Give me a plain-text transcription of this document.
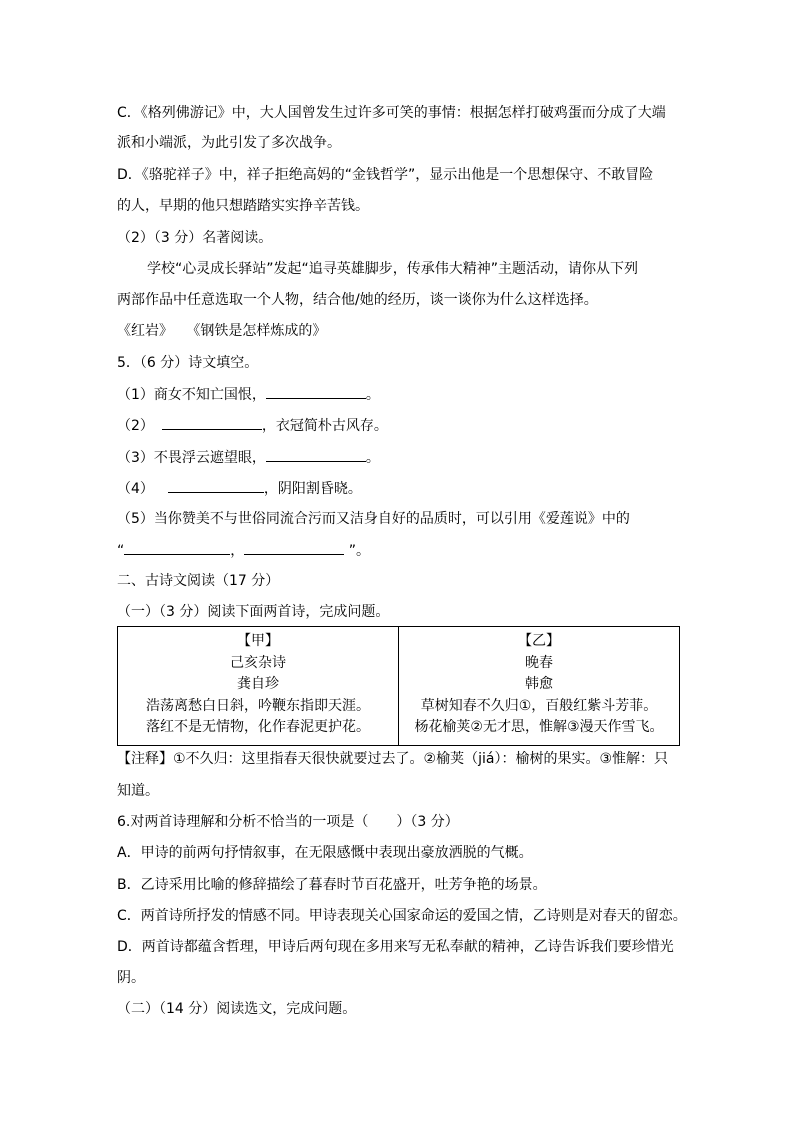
C．《格列佛游记》中，大人国曾发生过许多可笑的事情：根据怎样打破鸡蛋而分成了大端
派和小端派，为此引发了多次战争。
D．《骆驼祥子》中，祥子拒绝高妈的“金钱哲学”，显示出他是一个思想保守、不敢冒险
的人，早期的他只想踏踏实实挣辛苦钱。
（2）（3 分）名著阅读。
学校“心灵成长驿站”发起“追寻英雄脚步，传承伟大精神”主题活动，请你从下列
两部作品中任意选取一个人物，结合他/她的经历，谈一谈你为什么这样选择。
《红岩》   《钢铁是怎样炼成的》
5．（6 分）诗文填空。
（1）商女不知亡国恨，	。
（2）	，衣冠简朴古风存。
（3）不畏浮云遮望眼，	。
（4）	，阴阳割昏晓。
（5）当你赞美不与世俗同流合污而又洁身自好的品质时，可以引用《爱莲说》中的
“	，	”。
二、古诗文阅读（17 分）
（一）（3 分）阅读下面两首诗，完成问题。
【甲】
己亥杂诗
龚自珍
浩荡离愁白日斜，吟鞭东指即天涯。
落红不是无情物，化作春泥更护花。

【乙】
晚春
韩愈
草树知春不久归①，百般红紫斗芳菲。
杨花榆荚②无才思，惟解③漫天作雪飞。
【注释】①不久归：这里指春天很快就要过去了。②榆荚（jiá）：榆树的果实。③惟解：只
知道。
6.对两首诗理解和分析不恰当的一项是（　　）（3 分）
A．甲诗的前两句抒情叙事，在无限感慨中表现出豪放洒脱的气概。
B．乙诗采用比喻的修辞描绘了暮春时节百花盛开，吐芳争艳的场景。
C．两首诗所抒发的情感不同。甲诗表现关心国家命运的爱国之情，乙诗则是对春天的留恋。
D．两首诗都蕴含哲理，甲诗后两句现在多用来写无私奉献的精神，乙诗告诉我们要珍惜光
阴。
（二）（14 分）阅读选文，完成问题。
